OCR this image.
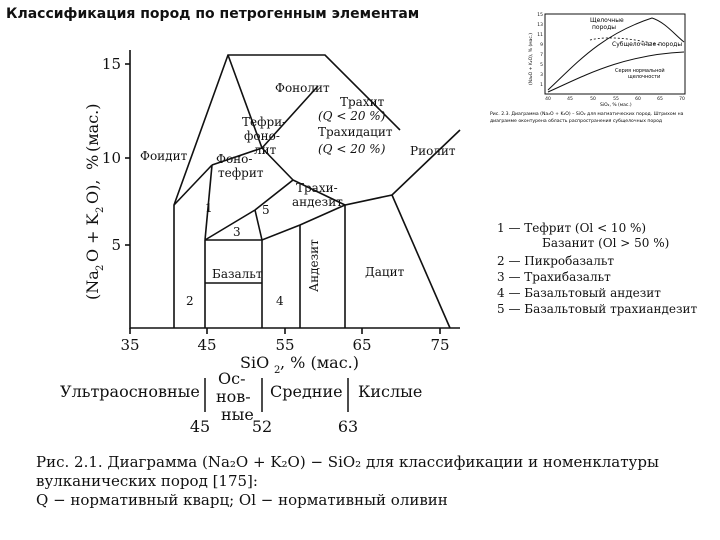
Классификация пород по петрогенным элементам
Фонолит
Трахит
(Q < 20 %)
Трахидацит
(Q < 20 %)
Тефри-
фоно-
лит
Фоно-
тефрит
Фоидит	Риолит
Трахи-
андезит
Андезит	Дацит
Базальт
1
2
3
4
5
15
10
5
(Na
2
O
+ K
2
O),
%
(мас.)
35	45	55	65	75
SiO 2 , % (мас.)
Ультраосновные
Ос-
нов-
ные
Средние Кислые
45	52	63
1 — Тефрит (Ol < 10 %)
Базанит (Ol > 50 %)
2 — Пикробазальт
3 — Трахибазальт
4 — Базальтовый андезит
5 — Базальтовый трахиандезит
Рис. 2.1. Диаграмма (Na₂O + K₂O) − SiO₂ для классификации и номенклатуры
вулканических пород [175]:
Q − нормативный кварц; Ol − нормативный оливин
Щелочные
породы
Субщелочные породы
Серия нормальной
щелочности
15
13
11
9
7
5
3
1
40	45	50	55	60	65	70
SiO₂, % (мас.)
(Na₂O + K₂O), % (мас.)
Рис. 2.3. Диаграмма (Na₂O + K₂O) – SiO₂ для магматических пород. Штрихом на
диаграмме оконтурена область распространения субщелочных пород
